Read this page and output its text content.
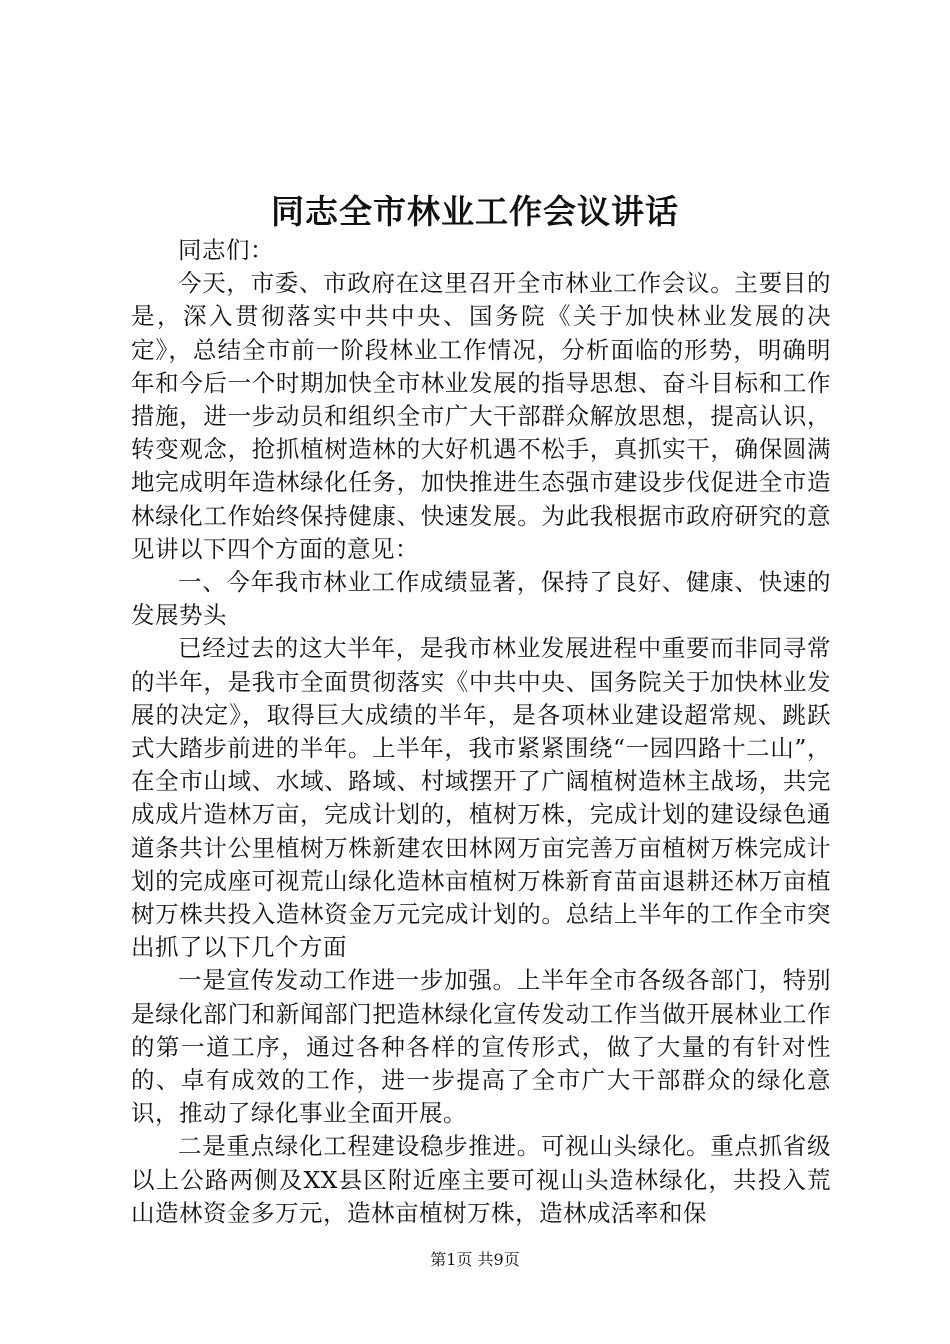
同志全市林业工作会议讲话

同志们：

今天，市委、市政府在这里召开全市林业工作会议。主要目的是，深入贯彻落实中共中央、国务院《关于加快林业发展的决定》，总结全市前一阶段林业工作情况，分析面临的形势，明确明年和今后一个时期加快全市林业发展的指导思想、奋斗目标和工作措施，进一步动员和组织全市广大干部群众解放思想，提高认识，转变观念，抢抓植树造林的大好机遇不松手，真抓实干，确保圆满地完成明年造林绿化任务，加快推进生态强市建设步伐促进全市造林绿化工作始终保持健康、快速发展。为此我根据市政府研究的意见讲以下四个方面的意见：

一、今年我市林业工作成绩显著，保持了良好、健康、快速的发展势头

已经过去的这大半年，是我市林业发展进程中重要而非同寻常的半年，是我市全面贯彻落实《中共中央、国务院关于加快林业发展的决定》，取得巨大成绩的半年，是各项林业建设超常规、跳跃式大踏步前进的半年。上半年，我市紧紧围绕“一园四路十二山”，在全市山域、水域、路域、村域摆开了广阔植树造林主战场，共完成成片造林万亩，完成计划的，植树万株，完成计划的建设绿色通道条共计公里植树万株新建农田林网万亩完善万亩植树万株完成计划的完成座可视荒山绿化造林亩植树万株新育苗亩退耕还林万亩植树万株共投入造林资金万元完成计划的。总结上半年的工作全市突出抓了以下几个方面

一是宣传发动工作进一步加强。上半年全市各级各部门，特别是绿化部门和新闻部门把造林绿化宣传发动工作当做开展林业工作的第一道工序，通过各种各样的宣传形式，做了大量的有针对性的、卓有成效的工作，进一步提高了全市广大干部群众的绿化意识，推动了绿化事业全面开展。

二是重点绿化工程建设稳步推进。可视山头绿化。重点抓省级以上公路两侧及XX县区附近座主要可视山头造林绿化，共投入荒山造林资金多万元，造林亩植树万株，造林成活率和保

第1页 共9页
